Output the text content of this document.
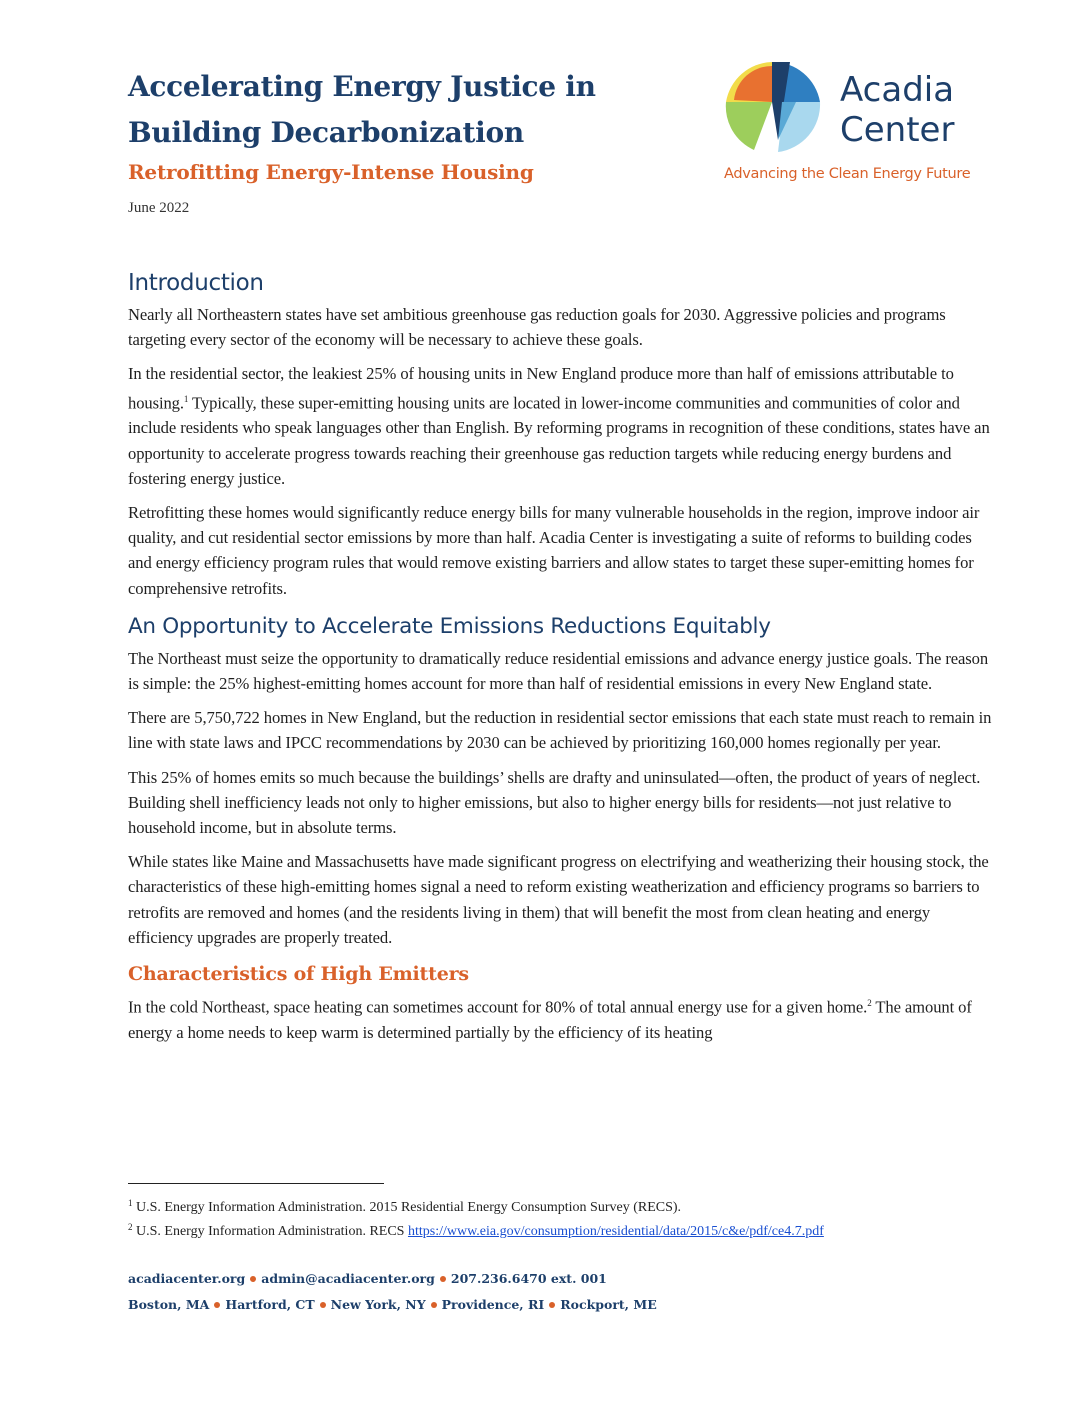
Accelerating Energy Justice in Building Decarbonization
Retrofitting Energy-Intense Housing
June 2022
Acadia
Center
Advancing the Clean Energy Future
Introduction

Nearly all Northeastern states have set ambitious greenhouse gas reduction goals for 2030. Aggressive policies and programs targeting every sector of the economy will be necessary to achieve these goals.

In the residential sector, the leakiest 25% of housing units in New England produce more than half of emissions attributable to housing.$^1$ Typically, these super-emitting housing units are located in lower-income communities and communities of color and include residents who speak languages other than English. By reforming programs in recognition of these conditions, states have an opportunity to accelerate progress towards reaching their greenhouse gas reduction targets while reducing energy burdens and fostering energy justice.

Retrofitting these homes would significantly reduce energy bills for many vulnerable households in the region, improve indoor air quality, and cut residential sector emissions by more than half. Acadia Center is investigating a suite of reforms to building codes and energy efficiency program rules that would remove existing barriers and allow states to target these super-emitting homes for comprehensive retrofits.

An Opportunity to Accelerate Emissions Reductions Equitably

The Northeast must seize the opportunity to dramatically reduce residential emissions and advance energy justice goals. The reason is simple: the 25% highest-emitting homes account for more than half of residential emissions in every New England state.

There are 5,750,722 homes in New England, but the reduction in residential sector emissions that each state must reach to remain in line with state laws and IPCC recommendations by 2030 can be achieved by prioritizing 160,000 homes regionally per year.

This 25% of homes emits so much because the buildings’ shells are drafty and uninsulated—often, the product of years of neglect. Building shell inefficiency leads not only to higher emissions, but also to higher energy bills for residents—not just relative to household income, but in absolute terms.

While states like Maine and Massachusetts have made significant progress on electrifying and weatherizing their housing stock, the characteristics of these high-emitting homes signal a need to reform existing weatherization and efficiency programs so barriers to retrofits are removed and homes (and the residents living in them) that will benefit the most from clean heating and energy efficiency upgrades are properly treated.

Characteristics of High Emitters

In the cold Northeast, space heating can sometimes account for 80% of total annual energy use for a given home.$^2$ The amount of energy a home needs to keep warm is determined partially by the efficiency of its heating

$^1$ U.S. Energy Information Administration. 2015 Residential Energy Consumption Survey (RECS).
$^2$ U.S. Energy Information Administration. RECS https://www.eia.gov/consumption/residential/data/2015/c&e/pdf/ce4.7.pdf
acadiacenter.org admin@acadiacenter.org 207.236.6470 ext. 001
Boston, MA Hartford, CT New York, NY Providence, RI Rockport, ME
